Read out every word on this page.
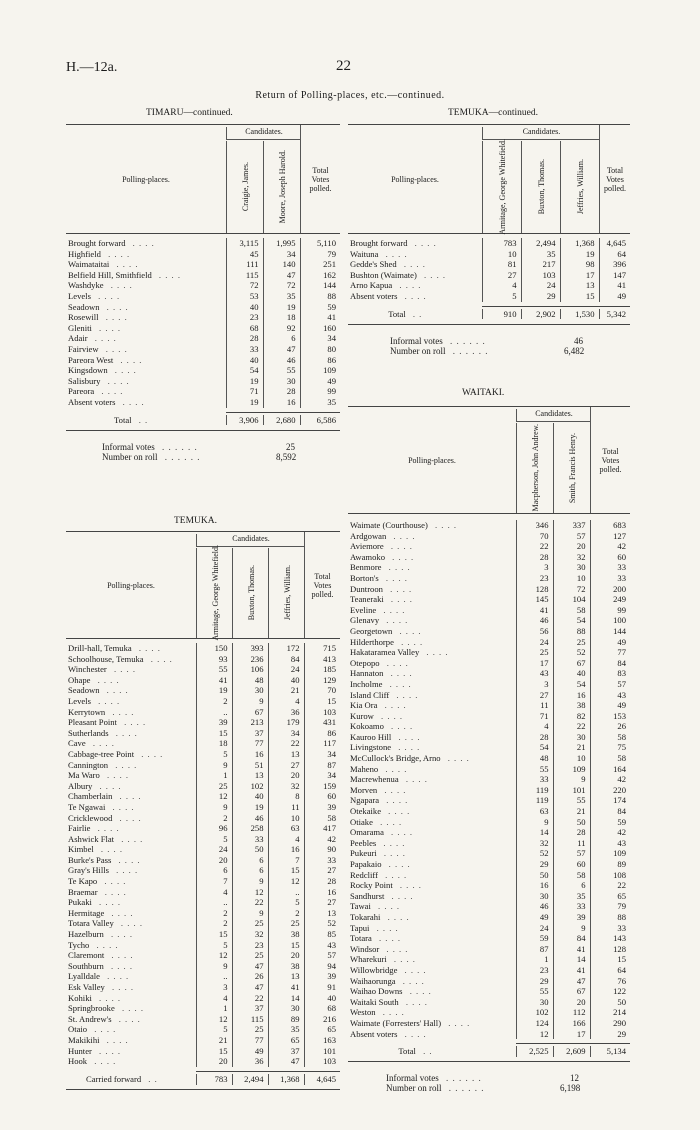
H.—12a.	22
Return of Polling-places, etc.—continued.
TIMARU—continued.
Polling-places.
Candidates.
Craigie, James.	Moore, Joseph Harold.	Total Votes polled.
Brought forward . . . .	3,115	1,995	5,110
Highfield . . . .	45	34	79
Waimataitai . . . .	111	140	251
Belfield Hill, Smithfield . . . .	115	47	162
Washdyke . . . .	72	72	144
Levels . . . .	53	35	88
Seadown . . . .	40	19	59
Rosewill . . . .	23	18	41
Gleniti . . . .	68	92	160
Adair . . . .	28	6	34
Fairview . . . .	33	47	80
Pareora West . . . .	40	46	86
Kingsdown . . . .	54	55	109
Salisbury . . . .	19	30	49
Pareora . . . .	71	28	99
Absent voters . . . .	19	16	35
Total . .	3,906	2,680	6,586
Informal votes . . . . . .	25
Number on roll . . . . . .	8,592
TEMUKA—continued.
Polling-places.
Candidates.
Armitage, George Whitefield.	Buxton, Thomas.	Jeffries, William.	Total Votes polled.
Brought forward . . . .	783	2,494	1,368	4,645
Waituna . . . .	10	35	19	64
Gedde's Shed . . . .	81	217	98	396
Bushton (Waimate) . . . .	27	103	17	147
Arno Kapua . . . .	4	24	13	41
Absent voters . . . .	5	29	15	49
Total . .	910	2,902	1,530	5,342
Informal votes . . . . . .	46
Number on roll . . . . . .	6,482
TEMUKA.
Polling-places.
Candidates.
Armitage, George Whitefield.	Buxton, Thomas.	Jeffries, William.	Total Votes polled.
Drill-hall, Temuka . . . .	150	393	172	715
Schoolhouse, Temuka . . . .	93	236	84	413
Winchester . . . .	55	106	24	185
Ohape . . . .	41	48	40	129
Seadown . . . .	19	30	21	70
Levels . . . .	2	9	4	15
Kerrytown . . . .	..	67	36	103
Pleasant Point . . . .	39	213	179	431
Sutherlands . . . .	15	37	34	86
Cave . . . .	18	77	22	117
Cabbage-tree Point . . . .	5	16	13	34
Cannington . . . .	9	51	27	87
Ma Waro . . . .	1	13	20	34
Albury . . . .	25	102	32	159
Chamberlain . . . .	12	40	8	60
Te Ngawai . . . .	9	19	11	39
Cricklewood . . . .	2	46	10	58
Fairlie . . . .	96	258	63	417
Ashwick Flat . . . .	5	33	4	42
Kimbel . . . .	24	50	16	90
Burke's Pass . . . .	20	6	7	33
Gray's Hills . . . .	6	6	15	27
Te Kapo . . . .	7	9	12	28
Braemar . . . .	4	12	..	16
Pukaki . . . .	..	22	5	27
Hermitage . . . .	2	9	2	13
Totara Valley . . . .	2	25	25	52
Hazelburn . . . .	15	32	38	85
Tycho . . . .	5	23	15	43
Claremont . . . .	12	25	20	57
Southburn . . . .	9	47	38	94
Lyalldale . . . .	..	26	13	39
Esk Valley . . . .	3	47	41	91
Kohiki . . . .	4	22	14	40
Springbrooke . . . .	1	37	30	68
St. Andrew's . . . .	12	115	89	216
Otaio . . . .	5	25	35	65
Makikihi . . . .	21	77	65	163
Hunter . . . .	15	49	37	101
Hook . . . .	20	36	47	103
Carried forward . .	783	2,494	1,368	4,645
WAITAKI.
Polling-places.
Candidates.
Macpherson, John Andrew.	Smith, Francis Henry.	Total Votes polled.
Waimate (Courthouse) . . . .	346	337	683
Ardgowan . . . .	70	57	127
Aviemore . . . .	22	20	42
Awamoko . . . .	28	32	60
Benmore . . . .	3	30	33
Borton's . . . .	23	10	33
Duntroon . . . .	128	72	200
Teaneraki . . . .	145	104	249
Eveline . . . .	41	58	99
Glenavy . . . .	46	54	100
Georgetown . . . .	56	88	144
Hilderthorpe . . . .	24	25	49
Hakataramea Valley . . . .	25	52	77
Otepopo . . . .	17	67	84
Hannaton . . . .	43	40	83
Incholme . . . .	3	54	57
Island Cliff . . . .	27	16	43
Kia Ora . . . .	11	38	49
Kurow . . . .	71	82	153
Kokoamo . . . .	4	22	26
Kauroo Hill . . . .	28	30	58
Livingstone . . . .	54	21	75
McCullock's Bridge, Arno . . . .	48	10	58
Maheno . . . .	55	109	164
Macrewhenua . . . .	33	9	42
Morven . . . .	119	101	220
Ngapara . . . .	119	55	174
Otekaike . . . .	63	21	84
Otiake . . . .	9	50	59
Omarama . . . .	14	28	42
Peebles . . . .	32	11	43
Pukeuri . . . .	52	57	109
Papakaio . . . .	29	60	89
Redcliff . . . .	50	58	108
Rocky Point . . . .	16	6	22
Sandhurst . . . .	30	35	65
Tawai . . . .	46	33	79
Tokarahi . . . .	49	39	88
Tapui . . . .	24	9	33
Totara . . . .	59	84	143
Windsor . . . .	87	41	128
Wharekuri . . . .	1	14	15
Willowbridge . . . .	23	41	64
Waihaorunga . . . .	29	47	76
Waihao Downs . . . .	55	67	122
Waitaki South . . . .	30	20	50
Weston . . . .	102	112	214
Waimate (Forresters' Hall) . . . .	124	166	290
Absent voters . . . .	12	17	29
Total . .	2,525	2,609	5,134
Informal votes . . . . . .	12
Number on roll . . . . . .	6,198
